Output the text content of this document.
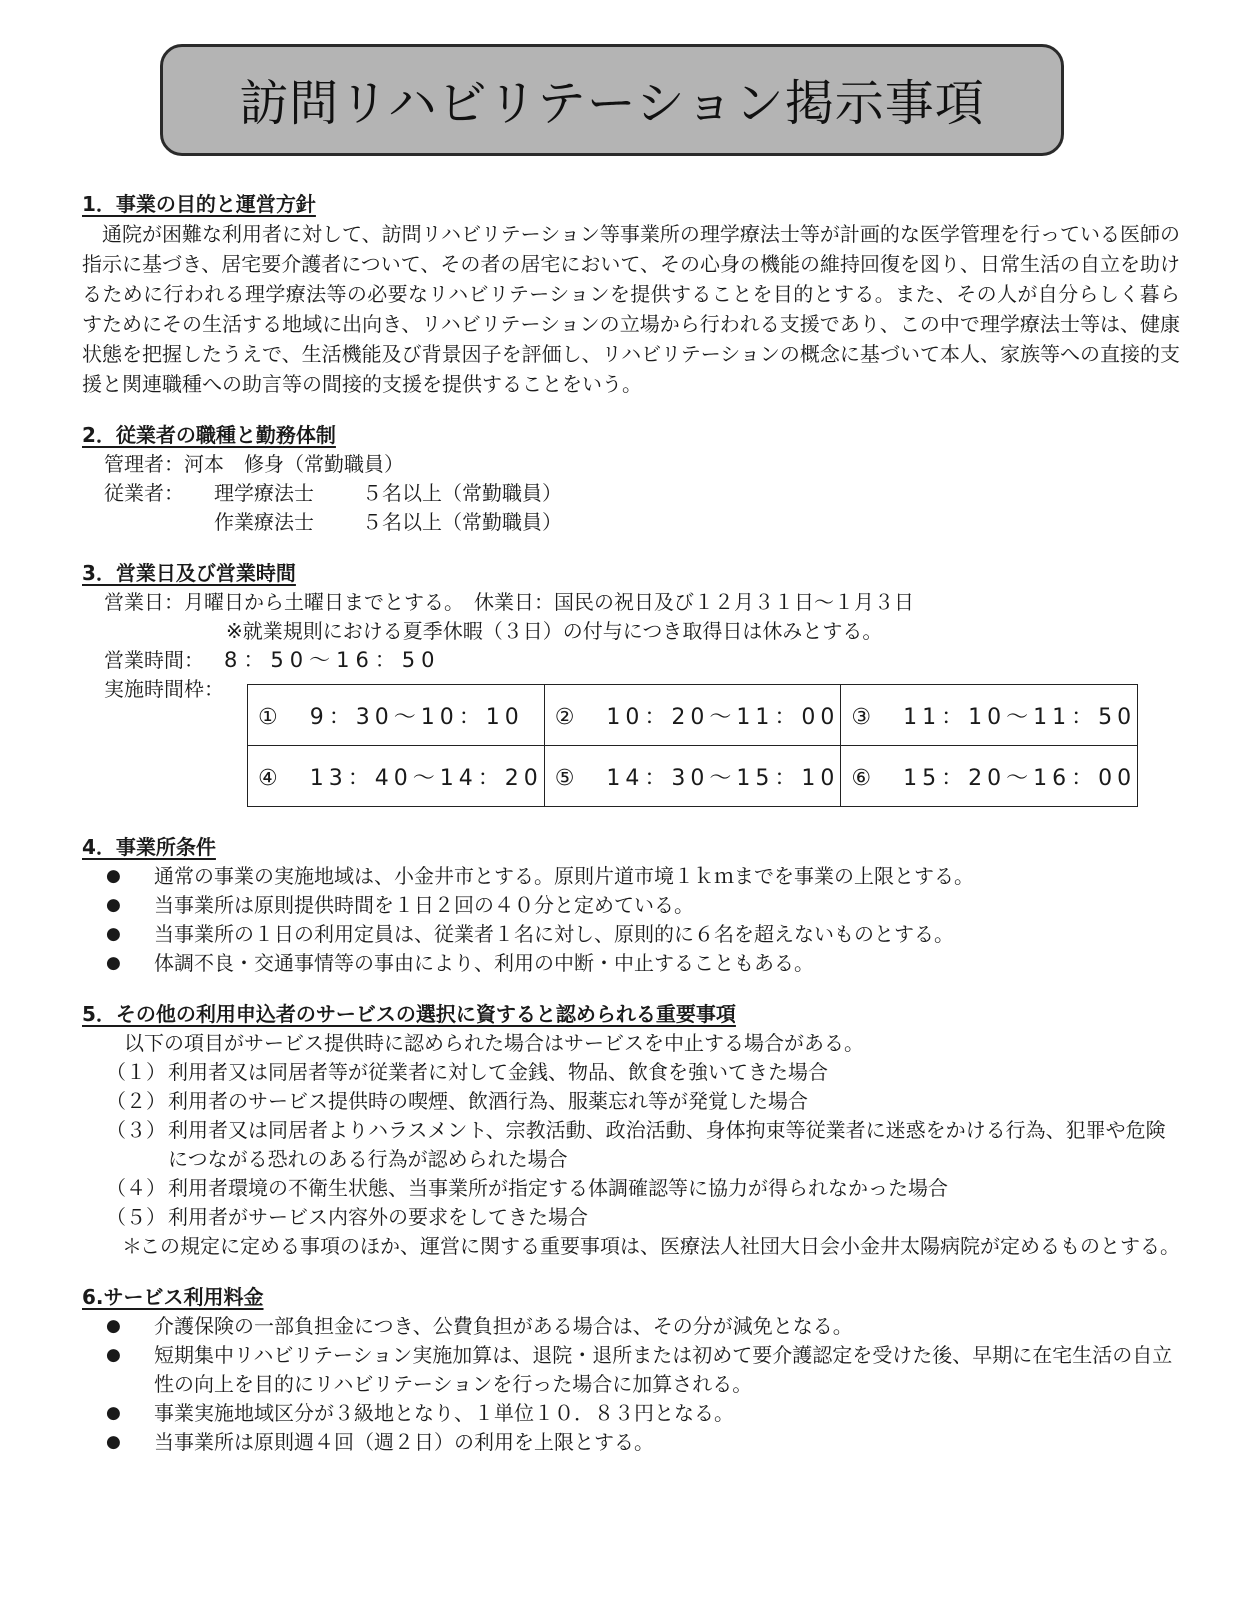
訪問リハビリテーション掲示事項
1．事業の目的と運営方針

通院が困難な利用者に対して、訪問リハビリテーション等事業所の理学療法士等が計画的な医学管理を行っている医師の指示に基づき、居宅要介護者について、その者の居宅において、その心身の機能の維持回復を図り、日常生活の自立を助けるために行われる理学療法等の必要なリハビリテーションを提供することを目的とする。また、その人が自分らしく暮らすためにその生活する地域に出向き、リハビリテーションの立場から行われる支援であり、この中で理学療法士等は、健康状態を把握したうえで、生活機能及び背景因子を評価し、リハビリテーションの概念に基づいて本人、家族等への直接的支援と関連職種への助言等の間接的支援を提供することをいう。

2．従業者の職種と勤務体制
管理者：河本　修身（常勤職員）
従業者：	理学療法士	５名以上（常勤職員）
作業療法士	５名以上（常勤職員）
3．営業日及び営業時間
営業日：月曜日から土曜日までとする。　休業日：国民の祝日及び１２月３１日～１月３日
※就業規則における夏季休暇（３日）の付与につき取得日は休みとする。
営業時間： 8：50～16：50
実施時間枠：
①　9：30～10：10	②　10：20～11：00	③　11：10～11：50
④　13：40～14：20	⑤　14：30～15：10	⑥　15：20～16：00
4．事業所条件
● 通常の事業の実施地域は、小金井市とする。原則片道市境１ｋｍまでを事業の上限とする。
● 当事業所は原則提供時間を１日２回の４０分と定めている。
● 当事業所の１日の利用定員は、従業者１名に対し、原則的に６名を超えないものとする。
● 体調不良・交通事情等の事由により、利用の中断・中止することもある。
5．その他の利用申込者のサービスの選択に資すると認められる重要事項
以下の項目がサービス提供時に認められた場合はサービスを中止する場合がある。
（１） 利用者又は同居者等が従業者に対して金銭、物品、飲食を強いてきた場合
（２） 利用者のサービス提供時の喫煙、飲酒行為、服薬忘れ等が発覚した場合
（３） 利用者又は同居者よりハラスメント、宗教活動、政治活動、身体拘束等従業者に迷惑をかける行為、犯罪や危険につながる恐れのある行為が認められた場合
（４） 利用者環境の不衛生状態、当事業所が指定する体調確認等に協力が得られなかった場合
（５） 利用者がサービス内容外の要求をしてきた場合
＊
この規定に定める事項のほか、運営に関する重要事項は、医療法人社団大日会小金井太陽病院が定めるものとする。
6.サービス利用料金
● 介護保険の一部負担金につき、公費負担がある場合は、その分が減免となる。
● 短期集中リハビリテーション実施加算は、退院・退所または初めて要介護認定を受けた後、早期に在宅生活の自立性の向上を目的にリハビリテーションを行った場合に加算される。
● 事業実施地域区分が３級地となり、１単位１０．８３円となる。
● 当事業所は原則週４回（週２日）の利用を上限とする。
